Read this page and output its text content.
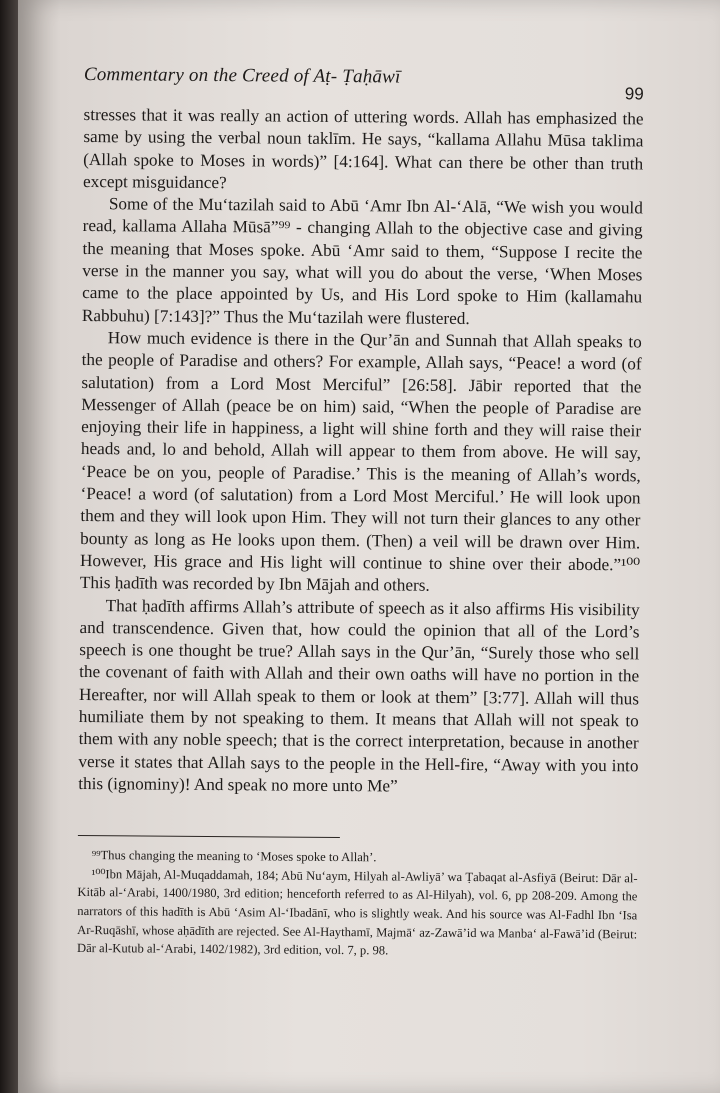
Commentary on the Creed of Aṭ- Ṭaḥāwī
99

stresses that it was really an action of uttering words. Allah has emphasized the same by using the verbal noun taklīm. He says, “kallama Allahu Mūsa taklima (Allah spoke to Moses in words)” [4:164]. What can there be other than truth except misguidance?

Some of the Mu‘tazilah said to Abū ‘Amr Ibn Al-‘Alā, “We wish you would read, kallama Allaha Mūsā”⁹⁹ - changing Allah to the objective case and giving the meaning that Moses spoke. Abū ‘Amr said to them, “Suppose I recite the verse in the manner you say, what will you do about the verse, ‘When Moses came to the place appointed by Us, and His Lord spoke to Him (kallamahu Rabbuhu) [7:143]?” Thus the Mu‘tazilah were flustered.

How much evidence is there in the Qur’ān and Sunnah that Allah speaks to the people of Paradise and others? For example, Allah says, “Peace! a word (of salutation) from a Lord Most Merciful” [26:58]. Jābir reported that the Messenger of Allah (peace be on him) said, “When the people of Paradise are enjoying their life in happiness, a light will shine forth and they will raise their heads and, lo and behold, Allah will appear to them from above. He will say, ‘Peace be on you, people of Paradise.’ This is the meaning of Allah’s words, ‘Peace! a word (of salutation) from a Lord Most Merciful.’ He will look upon them and they will look upon Him. They will not turn their glances to any other bounty as long as He looks upon them. (Then) a veil will be drawn over Him. However, His grace and His light will continue to shine over their abode.”¹⁰⁰ This ḥadīth was recorded by Ibn Mājah and others.

That ḥadīth affirms Allah’s attribute of speech as it also affirms His visibility and transcendence. Given that, how could the opinion that all of the Lord’s speech is one thought be true? Allah says in the Qur’ān, “Surely those who sell the covenant of faith with Allah and their own oaths will have no portion in the Hereafter, nor will Allah speak to them or look at them” [3:77]. Allah will thus humiliate them by not speaking to them. It means that Allah will not speak to them with any noble speech; that is the correct interpretation, because in another verse it states that Allah says to the people in the Hell-fire, “Away with you into this (ignominy)! And speak no more unto Me”

⁹⁹Thus changing the meaning to ‘Moses spoke to Allah’.

¹⁰⁰Ibn Mājah, Al-Muqaddamah, 184; Abū Nu‘aym, Hilyah al-Awliyā’ wa Ṭabaqat al-Asfiyā (Beirut: Dār al-Kitāb al-‘Arabi, 1400/1980, 3rd edition; henceforth referred to as Al-Hilyah), vol. 6, pp 208-209. Among the narrators of this hadīth is Abū ‘Asim Al-‘Ibadānī, who is slightly weak. And his source was Al-Fadhl Ibn ‘Isa Ar-Ruqāshī, whose aḥādīth are rejected. See Al-Haythamī, Majmā‘ az-Zawā’id wa Manba‘ al-Fawā’id (Beirut: Dār al-Kutub al-‘Arabi, 1402/1982), 3rd edition, vol. 7, p. 98.
